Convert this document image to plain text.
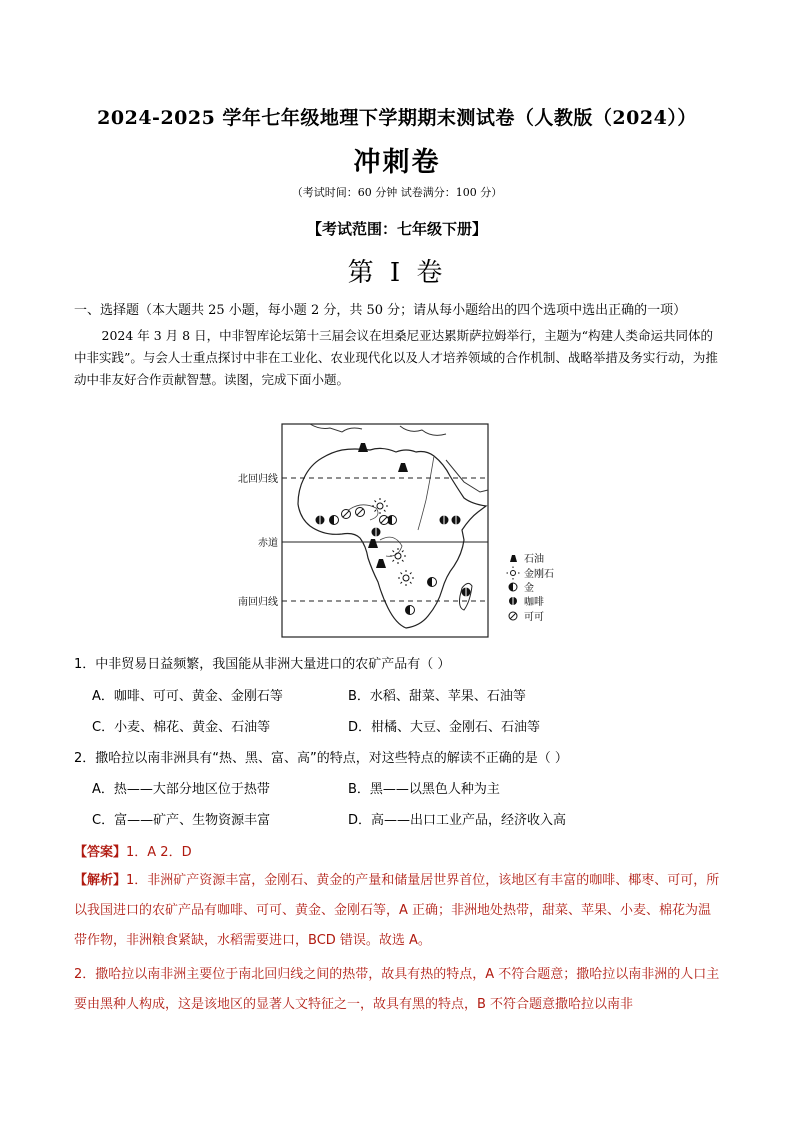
2024-2025 学年七年级地理下学期期末测试卷（人教版（2024））
冲刺卷
（考试时间：60 分钟 试卷满分：100 分）
【考试范围：七年级下册】
第 I 卷
一、选择题（本大题共 25 小题，每小题 2 分，共 50 分；请从每小题给出的四个选项中选出正确的一项）
2024 年 3 月 8 日，中非智库论坛第十三届会议在坦桑尼亚达累斯萨拉姆举行，主题为“构建人类命运共同体的中非实践”。与会人士重点探讨中非在工业化、农业现代化以及人才培养领域的合作机制、战略举措及务实行动，为推动中非友好合作贡献智慧。读图，完成下面小题。
北回归线
赤道
南回归线
石油
金刚石
金
咖啡
可可
1．中非贸易日益频繁，我国能从非洲大量进口的农矿产品有（ ）
A．咖啡、可可、黄金、金刚石等	B．水稻、甜菜、苹果、石油等
C．小麦、棉花、黄金、石油等	D．柑橘、大豆、金刚石、石油等
2．撒哈拉以南非洲具有“热、黑、富、高”的特点，对这些特点的解读不正确的是（ ）
A．热——大部分地区位于热带	B．黑——以黑色人种为主
C．富——矿产、生物资源丰富	D．高——出口工业产品，经济收入高
【答案】1．A 2．D
【解析】1．非洲矿产资源丰富，金刚石、黄金的产量和储量居世界首位，该地区有丰富的咖啡、椰枣、可可，所以我国进口的农矿产品有咖啡、可可、黄金、金刚石等，A 正确；非洲地处热带，甜菜、苹果、小麦、棉花为温带作物，非洲粮食紧缺，水稻需要进口，BCD 错误。故选 A。
2．撒哈拉以南非洲主要位于南北回归线之间的热带，故具有热的特点，A 不符合题意；撒哈拉以南非洲的人口主要由黑种人构成，这是该地区的显著人文特征之一，故具有黑的特点，B 不符合题意撒哈拉以南非
